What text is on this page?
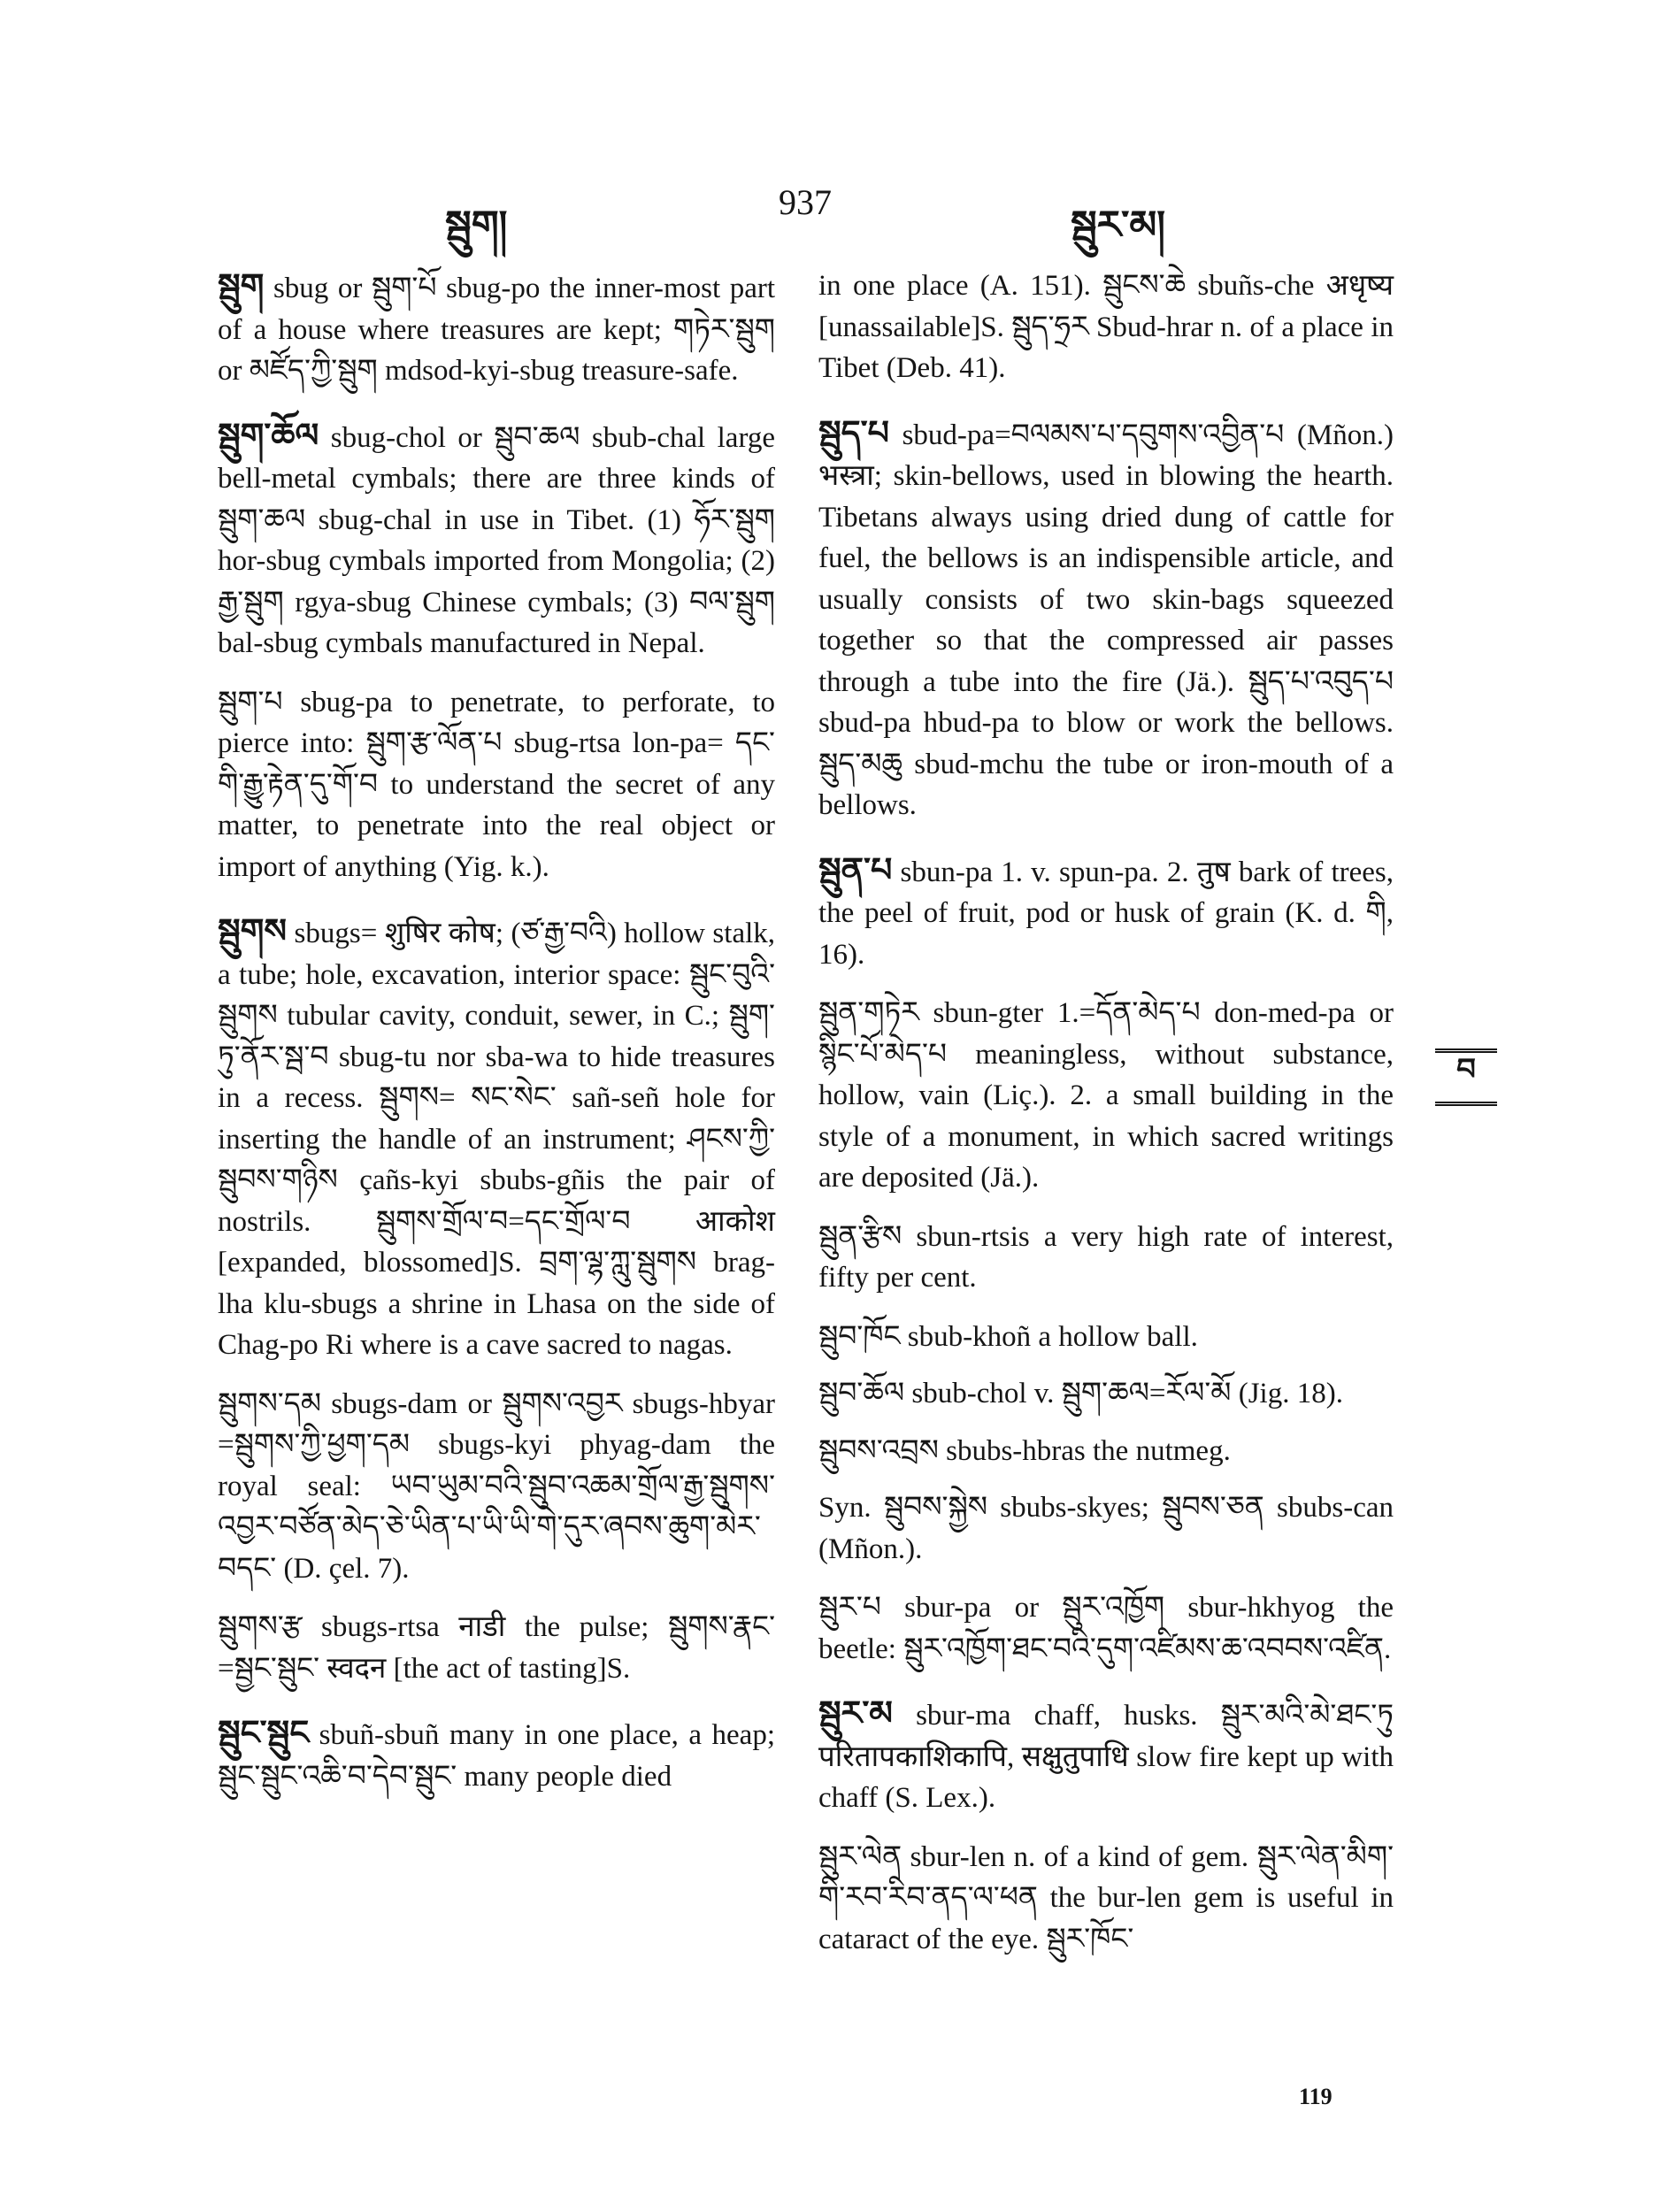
སྦུག།
937
སྦུར་མ།

སྦུག sbug or སྦུག་པོ sbug-po the inner-most part of a house where treasures are kept; གཏེར་སྦུག or མཛོད་ཀྱི་སྦུག mdsod-kyi-sbug treasure-safe.

སྦུག་ཆོལ sbug-chol or སྦུབ་ཆལ sbub-chal large bell-metal cymbals; there are three kinds of སྦུག་ཆལ sbug-chal in use in Tibet. (1) ཧོར་སྦུག hor-sbug cymbals imported from Mongolia; (2) རྒྱ་སྦུག rgya-sbug Chinese cymbals; (3) བལ་སྦུག bal-sbug cymbals manufactured in Nepal.

སྦུག་པ sbug-pa to penetrate, to perforate, to pierce into: སྦུག་རྩ་ལོན་པ sbug-rtsa lon-pa= དང་གི་རྒྱུ་རྟེན་དུ་གོ་བ to understand the secret of any matter, to penetrate into the real object or import of anything (Yig. k.).

སྦུགས sbugs= शुषिर कोष; (ཙ་རྒྱ་བའི) hollow stalk, a tube; hole, excavation, interior space: སྦུང་བུའི་སྦུགས tubular cavity, conduit, sewer, in C.; སྦུག་ཏུ་ནོར་སྦ་བ sbug-tu nor sba-wa to hide treasures in a recess. སྦུགས= སང་སེང་ sañ-señ hole for inserting the handle of an instrument; ཤངས་ཀྱི་སྦུབས་གཉིས çañs-kyi sbubs-gñis the pair of nostrils. སྦུགས་གྲོལ་བ=དང་གྲོལ་བ आकोश [expanded, blossomed]S. བྲག་ལྷ་ཀླུ་སྦུགས brag-lha klu-sbugs a shrine in Lhasa on the side of Chag-po Ri where is a cave sacred to nagas.

སྦུགས་དམ sbugs-dam or སྦུགས་འབྱར sbugs-hbyar =སྦུགས་ཀྱི་ཕྱག་དམ sbugs-kyi phyag-dam the royal seal: ཡབ་ཡུམ་བའི་སྦུབ་འཆམ་གྲོལ་རྒྱ་སྦུགས་འབྱར་བཙོན་མེད་ཅེ་ཡིན་པ་ཡི་ཡི་གེ་དུར་ཞབས་ཆུག་མེར་བདང་ (D. çel. 7).

སྦུགས་རྩ sbugs-rtsa नाडी the pulse; སྦུགས་རྣང་ =སྦྱང་སྦུང་ स्वदन [the act of tasting]S.

སྦུང་སྦུང sbuñ-sbuñ many in one place, a heap; སྦུང་སྦུང་འཆི་བ་དེབ་སྦུང་ many people died

in one place (A. 151). སྦུངས་ཆེ sbuñs-che अधृष्य [unassailable]S. སྦུད་ཧྲར Sbud-hrar n. of a place in Tibet (Deb. 41).

སྦུད་པ sbud-pa=བལམས་པ་དབུགས་འབྱིན་པ (Mñon.) भस्त्रा; skin-bellows, used in blowing the hearth. Tibetans always using dried dung of cattle for fuel, the bellows is an indispensible article, and usually consists of two skin-bags squeezed together so that the compressed air passes through a tube into the fire (Jä.). སྦུད་པ་འབུད་པ sbud-pa hbud-pa to blow or work the bellows. སྦུད་མཆུ sbud-mchu the tube or iron-mouth of a bellows.

སྦུན་པ sbun-pa 1. v. spun-pa. 2. तुष bark of trees, the peel of fruit, pod or husk of grain (K. d. གི, 16).

སྦུན་གཏེར sbun-gter 1.=དོན་མེད་པ don-med-pa or སྙིང་པོ་མེད་པ meaningless, without substance, hollow, vain (Liç.). 2. a small building in the style of a monument, in which sacred writings are deposited (Jä.).

སྦུན་རྩིས sbun-rtsis a very high rate of interest, fifty per cent.

སྦུབ་ཁོང sbub-khoñ a hollow ball.

སྦུབ་ཆོལ sbub-chol v. སྦུག་ཆལ=རོལ་མོ (Jig. 18).

སྦུབས་འབྲས sbubs-hbras the nutmeg.

Syn. སྦུབས་སྐྱེས sbubs-skyes; སྦུབས་ཅན sbubs-can (Mñon.).

སྦུར་པ sbur-pa or སྦུར་འཁྱོག sbur-hkhyog the beetle: སྦུར་འཁྱོག་ཐང་བའི་དུག་འཛིམས་ཆ་འབབས་འཛིན.

སྦུར་མ sbur-ma chaff, husks. སྦུར་མའི་མེ་ཐང་ཏུ परितापकाशिकापि, सक्षुतुपाधि slow fire kept up with chaff (S. Lex.).

སྦུར་ལེན sbur-len n. of a kind of gem. སྦུར་ལེན་མིག་གི་རབ་རིབ་ནད་ལ་ཕན the bur-len gem is useful in cataract of the eye. སྦུར་ཁོང་

བ
119
